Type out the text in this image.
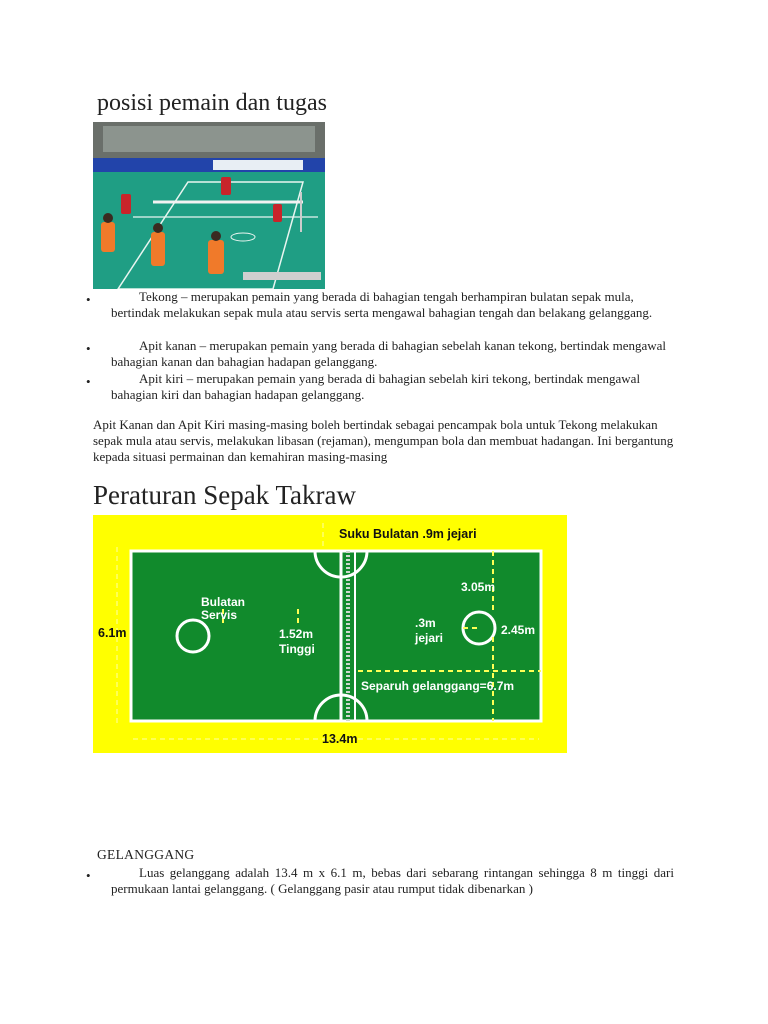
posisi pemain dan tugas
•	Tekong – merupakan pemain yang berada di bahagian tengah berhampiran bulatan sepak mula, bertindak melakukan sepak mula atau servis serta mengawal bahagian tengah dan belakang gelanggang.
•	Apit kanan – merupakan pemain yang berada di bahagian sebelah kanan tekong, bertindak mengawal bahagian kanan dan bahagian hadapan gelanggang.
•	Apit kiri – merupakan pemain yang berada di bahagian sebelah kiri tekong, bertindak mengawal bahagian kiri dan bahagian hadapan gelanggang.
Apit Kanan dan Apit Kiri masing-masing boleh bertindak sebagai pencampak bola untuk Tekong melakukan sepak mula atau servis, melakukan libasan (rejaman), mengumpan bola dan membuat hadangan. Ini bergantung kepada situasi permainan dan kemahiran masing-masing
Peraturan Sepak Takraw
Suku Bulatan .9m jejari
Bulatan
Servis
6.1m	1.52m
Tinggi
3.05m
.3m
jejari
2.45m
Separuh gelanggang=6.7m
13.4m
GELANGGANG
•	Luas gelanggang adalah 13.4 m x 6.1 m, bebas dari sebarang rintangan sehingga 8 m tinggi dari permukaan lantai gelanggang. ( Gelanggang pasir atau rumput tidak dibenarkan )
